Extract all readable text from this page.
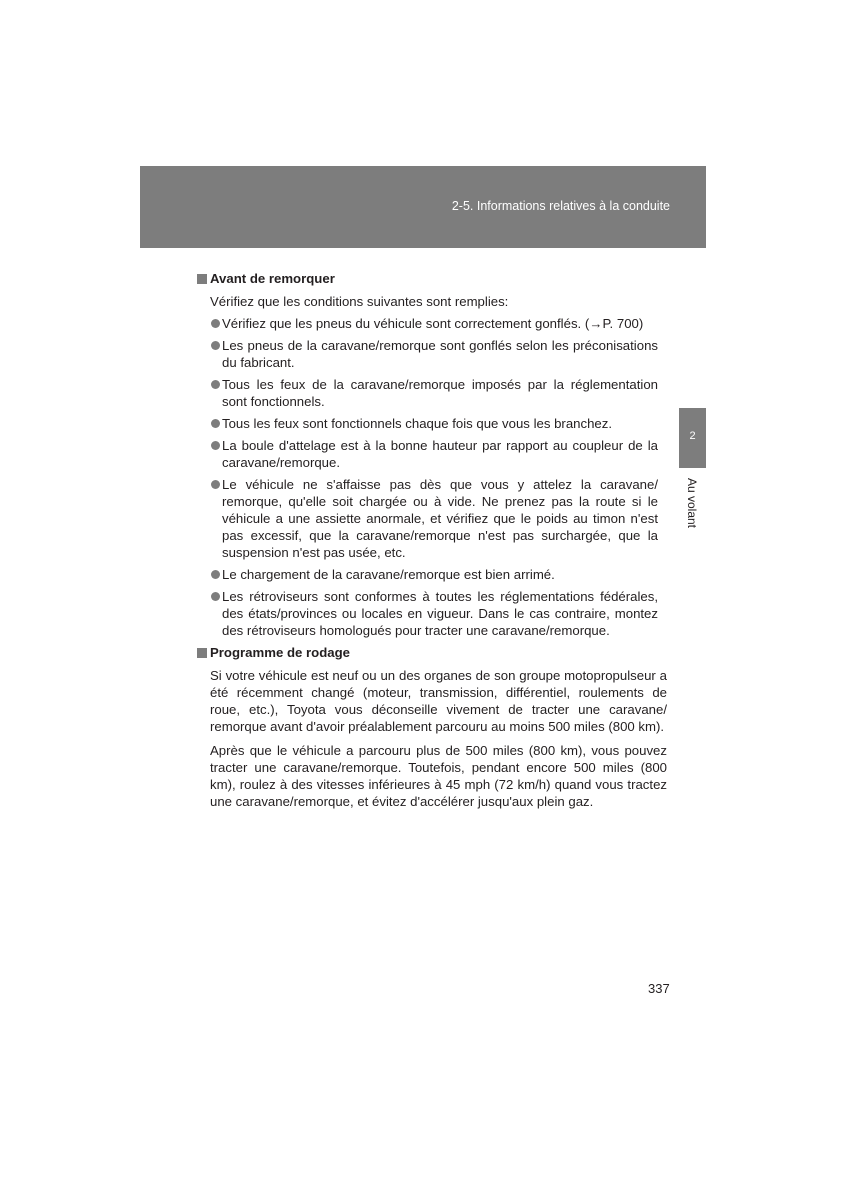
2-5. Informations relatives à la conduite
2
Au volant
Avant de remorquer

Vérifiez que les conditions suivantes sont remplies:

Vérifiez que les pneus du véhicule sont correctement gonflés. (→P. 700)
Les pneus de la caravane/remorque sont gonflés selon les préconisations du fabricant.
Tous les feux de la caravane/remorque imposés par la réglementation sont fonctionnels.
Tous les feux sont fonctionnels chaque fois que vous les branchez.
La boule d'attelage est à la bonne hauteur par rapport au coupleur de la caravane/remorque.
Le véhicule ne s'affaisse pas dès que vous y attelez la caravane/ remorque, qu'elle soit chargée ou à vide. Ne prenez pas la route si le véhicule a une assiette anormale, et vérifiez que le poids au timon n'est pas excessif, que la caravane/remorque n'est pas surchargée, que la suspension n'est pas usée, etc.
Le chargement de la caravane/remorque est bien arrimé.
Les rétroviseurs sont conformes à toutes les réglementations fédérales, des états/provinces ou locales en vigueur. Dans le cas contraire, montez des rétroviseurs homologués pour tracter une caravane/remorque.
Programme de rodage

Si votre véhicule est neuf ou un des organes de son groupe motopropulseur a été récemment changé (moteur, transmission, différentiel, roulements de roue, etc.), Toyota vous déconseille vivement de tracter une caravane/ remorque avant d'avoir préalablement parcouru au moins 500 miles (800 km).

Après que le véhicule a parcouru plus de 500 miles (800 km), vous pouvez tracter une caravane/remorque. Toutefois, pendant encore 500 miles (800 km), roulez à des vitesses inférieures à 45 mph (72 km/h) quand vous tractez une caravane/remorque, et évitez d'accélérer jusqu'aux plein gaz.

337
